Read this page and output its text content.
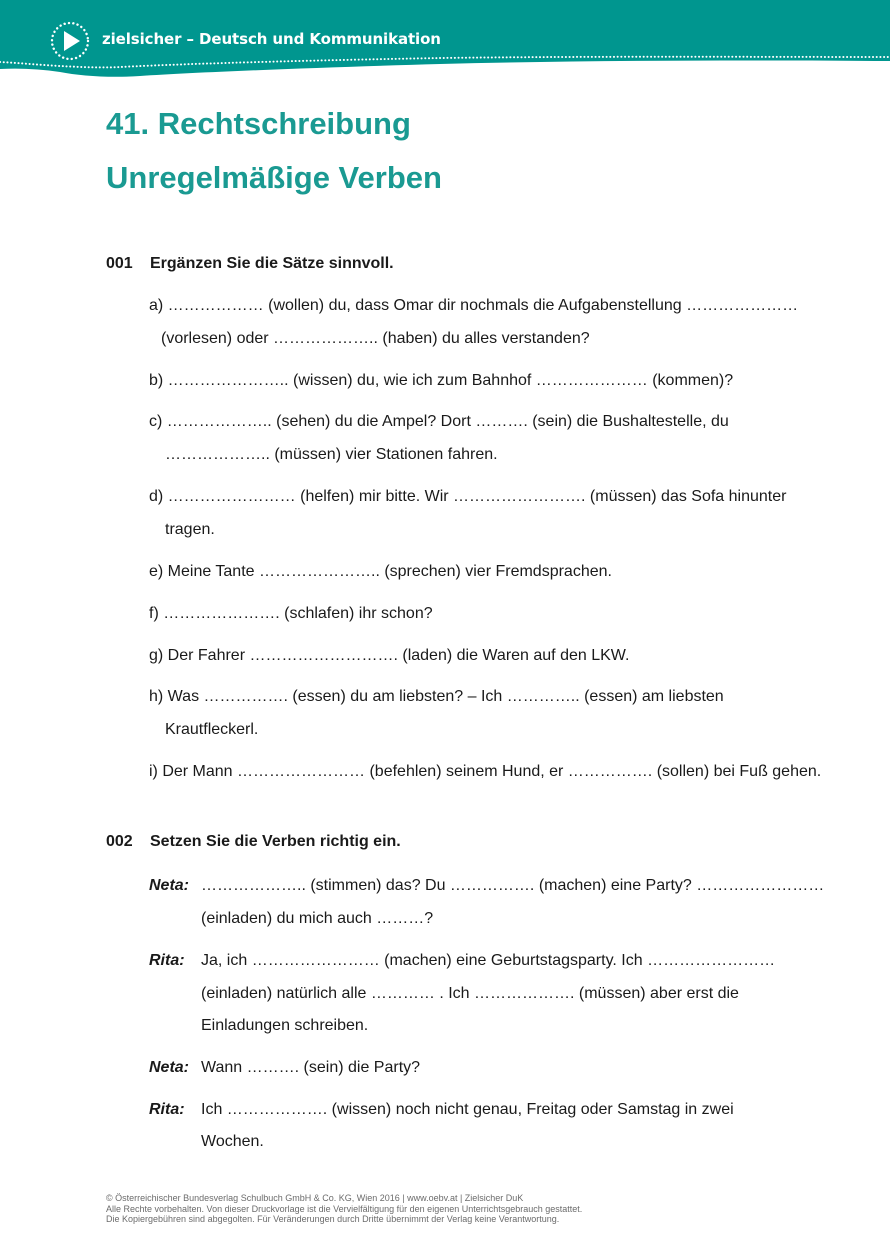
zielsicher – Deutsch und Kommunikation
41. Rechtschreibung
Unregelmäßige Verben
001 Ergänzen Sie die Sätze sinnvoll.
a) ……………… (wollen) du, dass Omar dir nochmals die Aufgabenstellung …………………
(vorlesen) oder ……………….. (haben) du alles verstanden?
b) ………………….. (wissen) du, wie ich zum Bahnhof ………………… (kommen)?
c) ……………….. (sehen) du die Ampel? Dort ………. (sein) die Bushaltestelle, du
……………….. (müssen) vier Stationen fahren.
d) …………………… (helfen) mir bitte. Wir ……………………. (müssen) das Sofa hinunter
tragen.
e) Meine Tante ………………….. (sprechen) vier Fremdsprachen.
f) …………………. (schlafen) ihr schon?
g) Der Fahrer ………………………. (laden) die Waren auf den LKW.
h) Was ……………. (essen) du am liebsten? – Ich ………….. (essen) am liebsten
Krautfleckerl.
i) Der Mann …………………… (befehlen) seinem Hund, er ……………. (sollen) bei Fuß gehen.
002 Setzen Sie die Verben richtig ein.
Neta: ……………….. (stimmen) das? Du ……………. (machen) eine Party? ……………………
(einladen) du mich auch ………?
Rita: Ja, ich …………………… (machen) eine Geburtstagsparty. Ich ……………………
(einladen) natürlich alle ………… . Ich ………………. (müssen) aber erst die
Einladungen schreiben.
Neta: Wann ………. (sein) die Party?
Rita: Ich ………………. (wissen) noch nicht genau, Freitag oder Samstag in zwei
Wochen.
© Österreichischer Bundesverlag Schulbuch GmbH & Co. KG, Wien 2016 | www.oebv.at | Zielsicher DuK
Alle Rechte vorbehalten. Von dieser Druckvorlage ist die Vervielfältigung für den eigenen Unterrichtsgebrauch gestattet.
Die Kopiergebühren sind abgegolten. Für Veränderungen durch Dritte übernimmt der Verlag keine Verantwortung.
